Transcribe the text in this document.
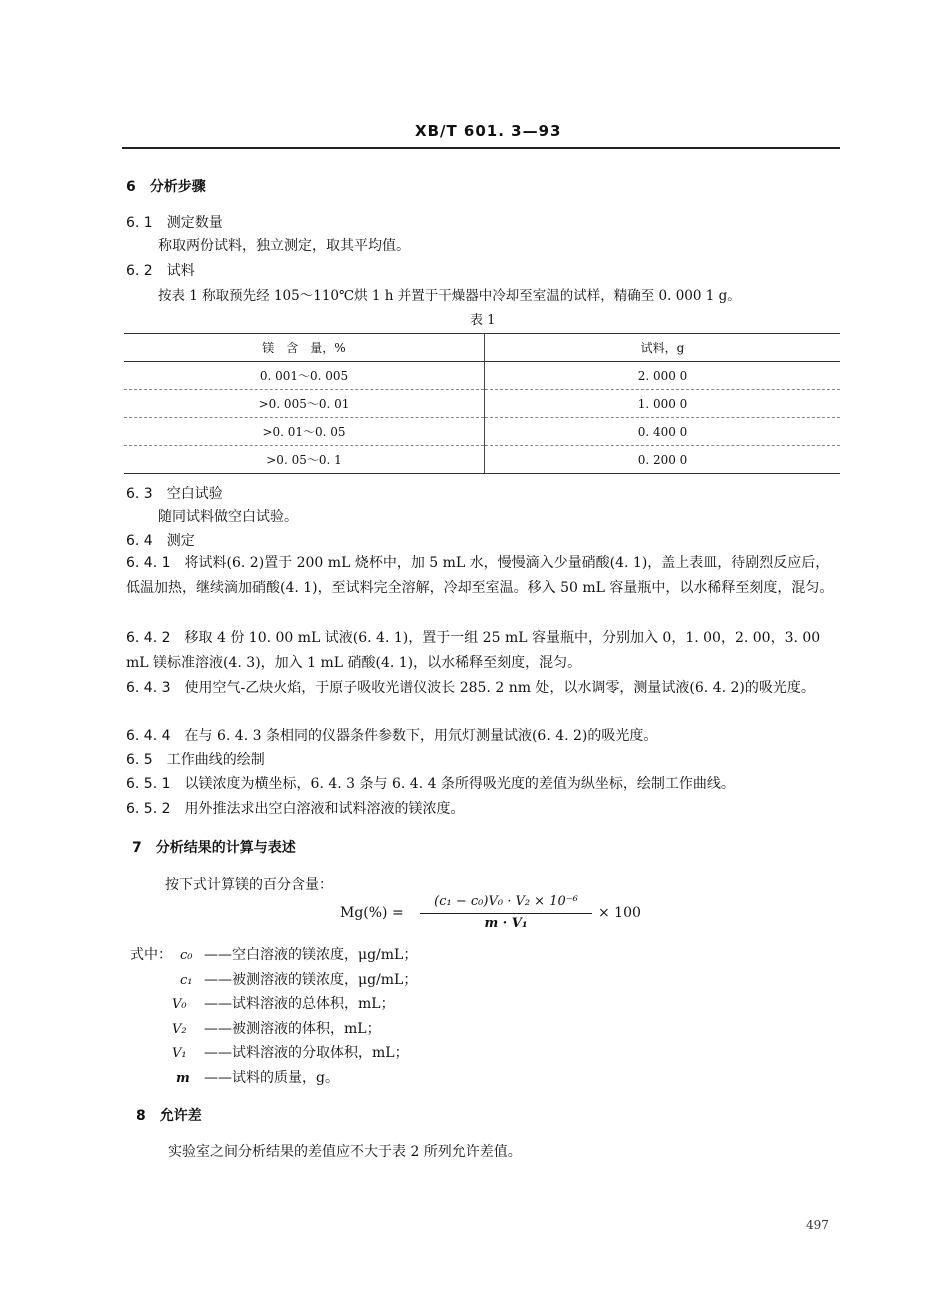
XB/T 601. 3—93
6　 分析步骤
6. 1　 测定数量
称取两份试料，独立测定，取其平均值。
6. 2　 试料
按表 1 称取预先经 105～110℃烘 1 h 并置于干燥器中冷却至室温的试样，精确至 0. 000 1 g。
表 1
镁　含　量，%	试料，g
0. 001～0. 005	2. 000 0
>0. 005～0. 01	1. 000 0
>0. 01～0. 05	0. 400 0
>0. 05～0. 1	0. 200 0
6. 3　 空白试验
随同试料做空白试验。
6. 4　 测定
6. 4. 1　 将试料(6. 2)置于 200 mL 烧杯中，加 5 mL 水，慢慢滴入少量硝酸(4. 1)，盖上表皿，待剧烈反应后，低温加热，继续滴加硝酸(4. 1)，至试料完全溶解，冷却至室温。移入 50 mL 容量瓶中，以水稀释至刻度，混匀。
6. 4. 2　 移取 4 份 10. 00 mL 试液(6. 4. 1)，置于一组 25 mL 容量瓶中，分别加入 0，1. 00，2. 00，3. 00 mL 镁标准溶液(4. 3)，加入 1 mL 硝酸(4. 1)，以水稀释至刻度，混匀。
6. 4. 3　 使用空气-乙炔火焰，于原子吸收光谱仪波长 285. 2 nm 处，以水调零，测量试液(6. 4. 2)的吸光度。
6. 4. 4　 在与 6. 4. 3 条相同的仪器条件参数下，用氘灯测量试液(6. 4. 2)的吸光度。
6. 5　 工作曲线的绘制
6. 5. 1　 以镁浓度为横坐标，6. 4. 3 条与 6. 4. 4 条所得吸光度的差值为纵坐标，绘制工作曲线。
6. 5. 2　 用外推法求出空白溶液和试料溶液的镁浓度。
7　 分析结果的计算与表述
按下式计算镁的百分含量：
Mg(%) =
(c₁ − c₀)V₀ · V₂ × 10⁻⁶
m · V₁
× 100
式中： c₀ ——空白溶液的镁浓度，μg/mL；
c₁ ——被测溶液的镁浓度，μg/mL；
V₀ ——试料溶液的总体积，mL；
V₂ ——被测溶液的体积，mL；
V₁ ——试料溶液的分取体积，mL；
m ——试料的质量，g。
8　 允许差
实验室之间分析结果的差值应不大于表 2 所列允许差值。
497
